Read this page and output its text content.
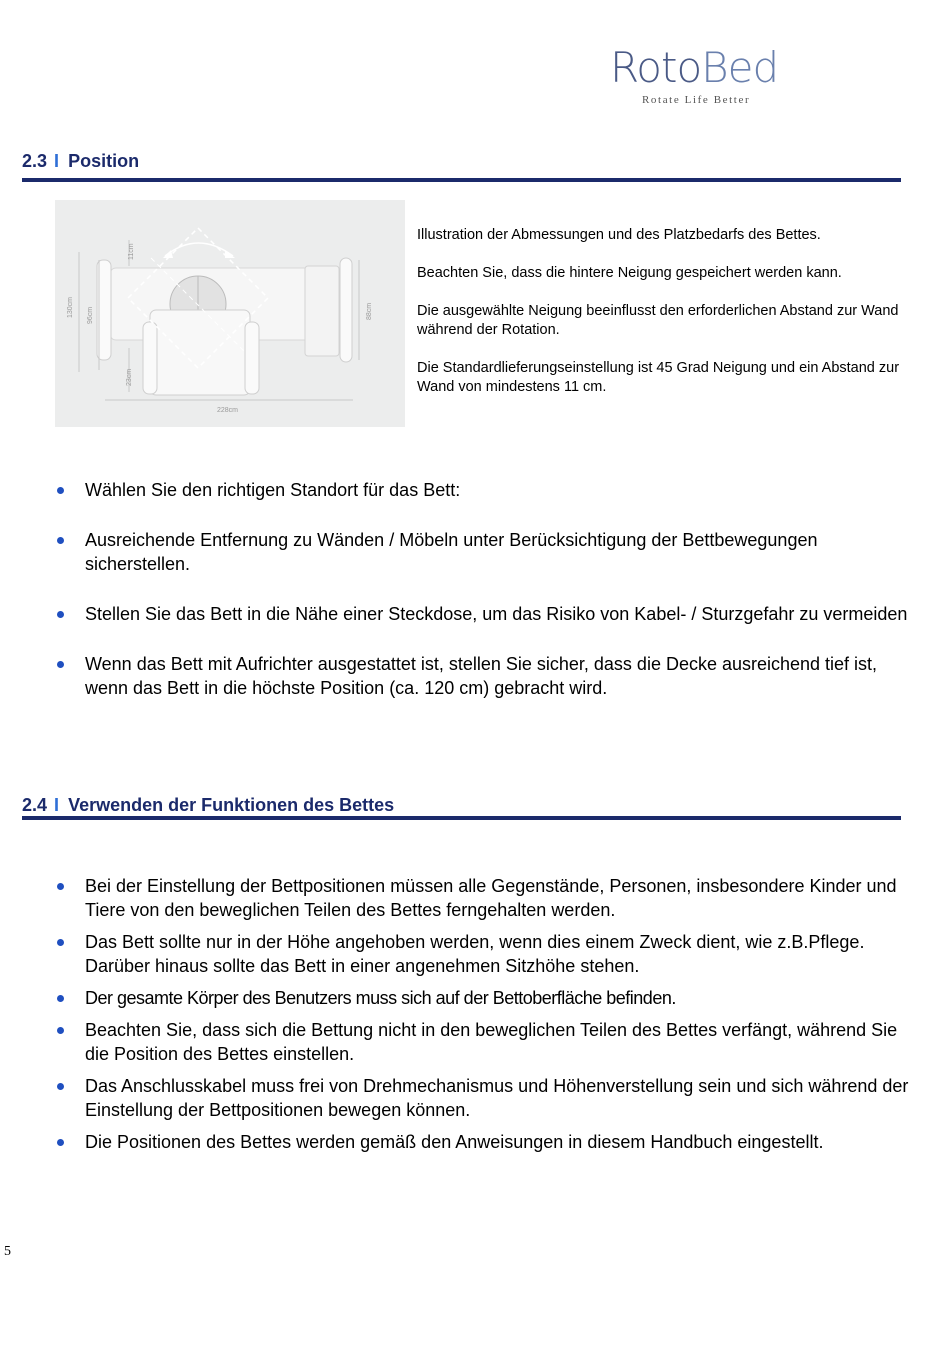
RotoBed
Rotate Life Better
2.3 I Position
130cm 96cm
11cm
23cm
88cm
228cm

Illustration der Abmessungen und des Platzbedarfs des Bettes.

Beachten Sie, dass die hintere Neigung gespeichert werden kann.

Die ausgewählte Neigung beeinflusst den erforderlichen Abstand zur Wand während der Rotation.

Die Standardlieferungseinstellung ist 45 Grad Neigung und ein Abstand zur Wand von mindestens 11 cm.

Wählen Sie den richtigen Standort für das Bett:
Ausreichende Entfernung zu Wänden / Möbeln unter Berücksichtigung der Bettbewegungen sicherstellen.
Stellen Sie das Bett in die Nähe einer Steckdose, um das Risiko von Kabel- / Sturzgefahr zu vermeiden
Wenn das Bett mit Aufrichter ausgestattet ist, stellen Sie sicher, dass die Decke ausreichend tief ist, wenn das Bett in die höchste Position (ca. 120 cm) gebracht wird.
2.4 I Verwenden der Funktionen des Bettes
Bei der Einstellung der Bettpositionen müssen alle Gegenstände, Personen, insbesondere Kinder und Tiere von den beweglichen Teilen des Bettes ferngehalten werden.
Das Bett sollte nur in der Höhe angehoben werden, wenn dies einem Zweck dient, wie z.B.Pflege. Darüber hinaus sollte das Bett in einer angenehmen Sitzhöhe stehen.
Der gesamte Körper des Benutzers muss sich auf der Bettoberfläche befinden.
Beachten Sie, dass sich die Bettung nicht in den beweglichen Teilen des Bettes verfängt, während Sie die Position des Bettes einstellen.
Das Anschlusskabel muss frei von Drehmechanismus und Höhenverstellung sein und sich während der Einstellung der Bettpositionen bewegen können.
Die Positionen des Bettes werden gemäß den Anweisungen in diesem Handbuch eingestellt.
5
